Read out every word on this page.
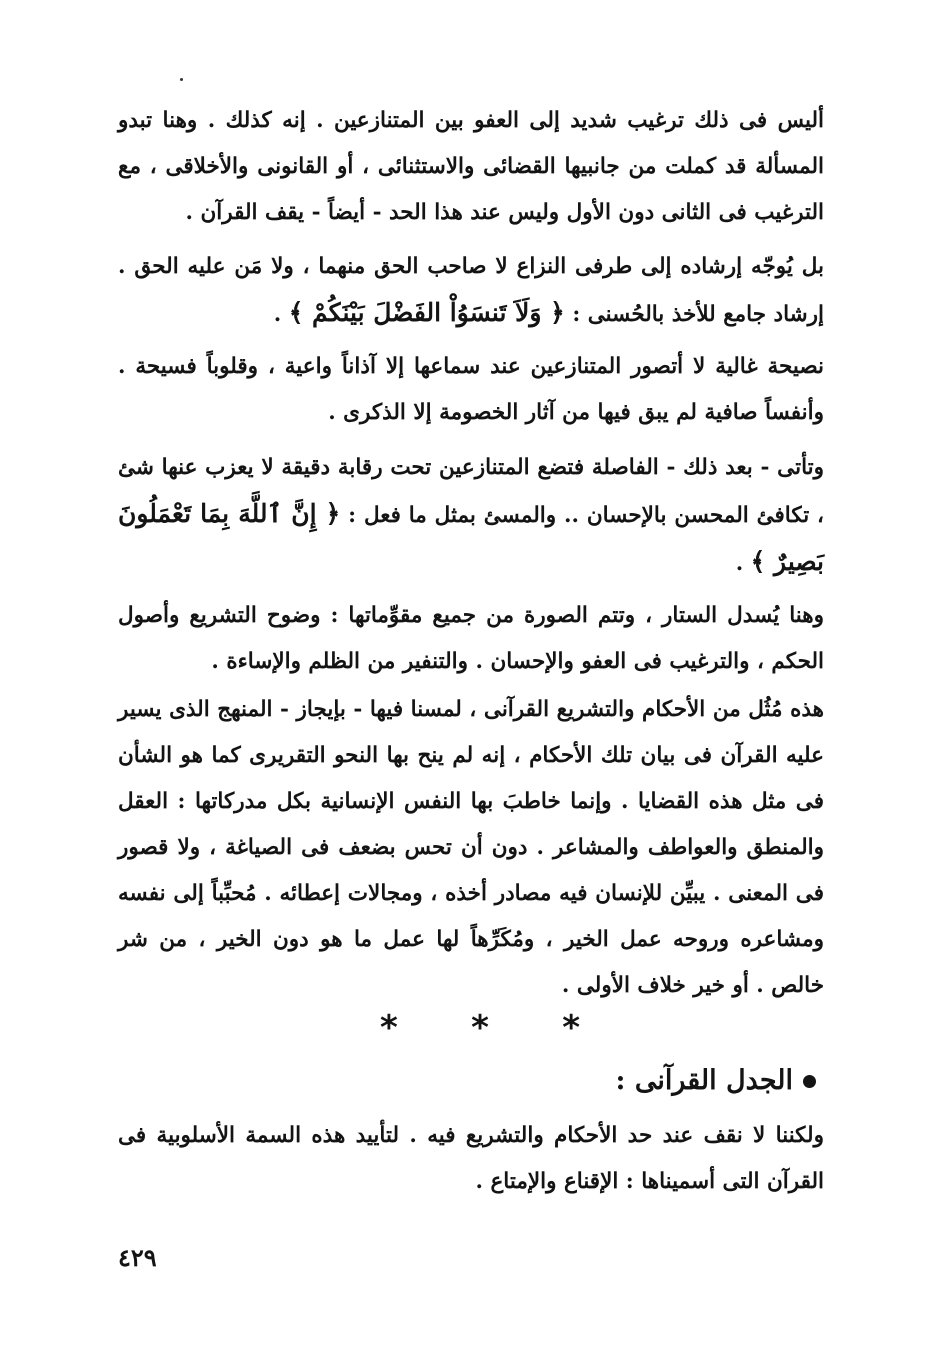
أليس فى ذلك ترغيب شديد إلى العفو بين المتنازعين . إنه كذلك . وهنا تبدو المسألة قد كملت من جانبيها القضائى والاستثنائى ، أو القانونى والأخلاقى ، مع الترغيب فى الثانى دون الأول وليس عند هذا الحد - أيضاً - يقف القرآن .

بل يُوجّه إرشاده إلى طرفى النزاع لا صاحب الحق منهما ، ولا مَن عليه الحق . إرشاد جامع للأخذ بالحُسنى : ﴿ وَلَاَ تَنسَوُاْ الفَضْلَ بَيْنَكُمْ ﴾ .

نصيحة غالية لا أتصور المتنازعين عند سماعها إلا آذاناً واعية ، وقلوباً فسيحة . وأنفساً صافية لم يبق فيها من آثار الخصومة إلا الذكرى .

وتأتى - بعد ذلك - الفاصلة فتضع المتنازعين تحت رقابة دقيقة لا يعزب عنها شئ ، تكافئ المحسن بالإحسان .. والمسئ بمثل ما فعل : ﴿ إِنَّ ٱللَّهَ بِمَا تَعْمَلُونَ بَصِيرٌ ﴾ .

وهنا يُسدل الستار ، وتتم الصورة من جميع مقوِّماتها : وضوح التشريع وأصول الحكم ، والترغيب فى العفو والإحسان . والتنفير من الظلم والإساءة .

هذه مُثُل من الأحكام والتشريع القرآنى ، لمسنا فيها - بإيجاز - المنهج الذى يسير عليه القرآن فى بيان تلك الأحكام ، إنه لم ينح بها النحو التقريرى كما هو الشأن فى مثل هذه القضايا . وإنما خاطبَ بها النفس الإنسانية بكل مدركاتها : العقل والمنطق والعواطف والمشاعر . دون أن تحس بضعف فى الصياغة ، ولا قصور فى المعنى . يبيِّن للإنسان فيه مصادر أخذه ، ومجالات إعطائه . مُحبِّباً إلى نفسه ومشاعره وروحه عمل الخير ، ومُكَرِّهاً لها عمل ما هو دون الخير ، من شر خالص . أو خير خلاف الأولى .

* * *
الجدل القرآنى :

ولكننا لا نقف عند حد الأحكام والتشريع فيه . لتأييد هذه السمة الأسلوبية فى القرآن التى أسميناها : الإقناع والإمتاع .

٤٢٩
